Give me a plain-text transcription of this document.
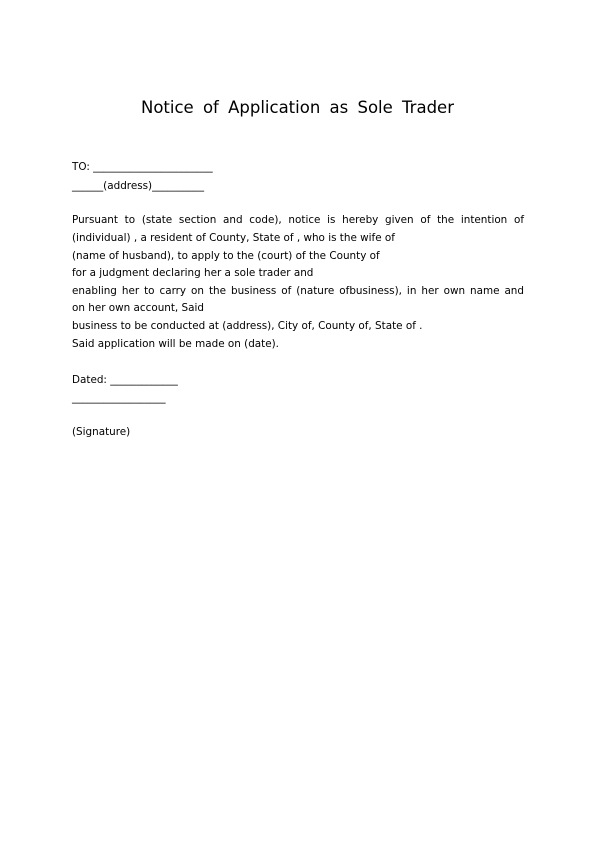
Notice of Application as Sole Trader
TO: _______________________
______(address)__________
Pursuant to (state section and code), notice is hereby given of the intention of
(individual) , a resident of County, State of , who is the wife of
(name of husband), to apply to the (court) of the County of
for a judgment declaring her a sole trader and
enabling her to carry on the business of (nature ofbusiness), in her own name and
on her own account, Said
business to be conducted at (address), City of, County of, State of .
Said application will be made on (date).
Dated: _____________
__________________
(Signature)
